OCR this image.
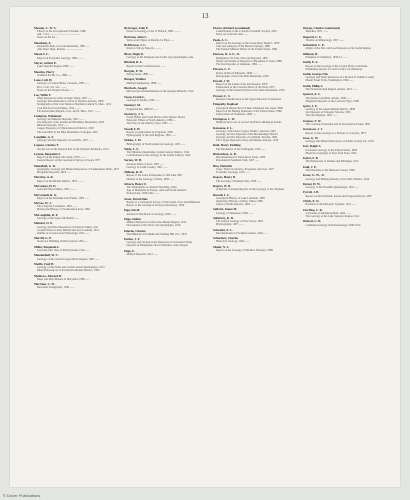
13
Maxam, C. W. S.
Theory of the Occupational Schedule, 1880
Am. J. Sci. ...........................................
Notes on the Ice ...
Meacham, A.
Avalanche Peak, Cascade Mountains, 1881 ......
Ann. Rept. Dept. Interior ........................
Mead, F. L.
Report on Economic Geology, 1882 ........
Meyer, Arthur E.
Lake Superior Region, 1883 .......
Maerles, Harry
Southern Pacific Co., 1884 .......
Lane, Cell. H.
Geology of Crested Butte, Colorado, 1883 ......
Proc. Colo. Sci. Soc. ........
Notes on the Eruptive Rocks ......
Lee, Willis T.
Water Resources of Rio Grande Valley, 1907 .......
Geologic Reconnaissance of Part of Western Arizona, 1908
Stratigraphy of the Coal Fields of Northern Central N. Mex., 1912
Coal Fields of Grand Mesa, 1912 ........
The Raton Mesa Region, Colo. and N. Mex., 1917 .........
Lindgren, Waldemar
Geology and Mineral Deposits, 1905 ........
Ore Deposits of the Jerome and Bradshaw Mountains, 1926
Mineral Deposits, 1913 ......
Copper Deposits of Clifton-Morenci District, 1905
The Gold Belt of the Blue Mountains of Oregon, 1901
Loughlin, G. F.
Geology and Ore Deposits of Leadville, 1927 .......
Lupton, Charles T.
Oil and Gas in the Western Part of the Olympic Peninsula, 1914
Lyman, Benjamin S.
Report on the Punjab Oil Lands, 1870 .........
General Report on the Geological Survey of Japan, 1877
Mansfield, G. R.
Geography, Geology and Mineral Resources of Southeastern Idaho, 1927
Phosphate Deposits, 1918 .......
Marvine, A. R.
Report on the Middle District, 1874 ........
McCaskey, H. D.
Gold and Silver Mines, 1905 .........
McConnell, R. G.
Report on the Klondike Gold Fields, 1905 ......
McGee, W. J.
The Lafayette Formation, 1891 ......
Pleistocene History of Northeastern Iowa, 1891
McLaughlin, R. P.
Geology of the Sespe Oil District ......
Meinzer, O. E.
Geology and Water Resources of Estancia Valley, 1911
Ground Water in Juab, Millard and Iron Counties, 1911
Outline of Ground-water Hydrology, 1923 ......
Merrill, G. P.
Stones for Building and Decoration, 1891 ......
Miller, Benjamin L.
Lead and Zinc Ores of Pennsylvania, 1924 ......
Mendenhall, W. C.
Geology of the Central Copper River Region, 1905 ......
Moffit, Fred H.
Geology of the Nome and Grand Central Quadrangles, 1913
Mineral Resources of Kotsina-Kuskulana District, 1909
Mathews, Edward B.
Maps and Map-Makers of Maryland, 1898 ......
Merriam, C. W.
Devonian Stratigraphy, 1940 .......
McGregor, John E.
Notes on Geology of the N. Branch, 1880 ..........
Merriam, John C.
Sabre-tooth Tigers of Rancho La Brea ......
McPherson, J. C.
Index to Survey Reports ..........
Miser, Hugh D.
Geology of the DeQueen and Caddo Gap Quadrangles, Ark.
Mitchell, R. L.
Report on the Coal Resources ........
Morgan, E. W.
Survey notes, 1889 .......
Munger, Wallace
Mining Engineering, 1898 .......
Murdoch, Joseph
Microscopical Determination of the Opaque Minerals, 1916
Nason, Frank L.
Geological Studies, 1892 .......
Neumayr, M.
Erdgeschichte, 1886-87 .......
Newberry, J. S.
Fossil Fishes and Fossil Plants of the Triassic Rocks
Paleozoic Fishes of North America, 1889 ....
The Flora of the Amboy Clays, 1895 .......
Newell, F. H.
Report on Agriculture by Irrigation, 1894
Hydrography of the Arid Regions, 1891 .......
Nickles, J. M.
Bibliography of North American Geology, 1923 ......
Noble, L. F.
The Shinumo Quadrangle, Grand Canyon District, 1914
Contributions to the Geology of the Grand Canyon, 1922
Norton, W. H.
Artesian Wells of Iowa, 1897 ......
Geology of Cedar County, 1901 .......
Oldham, R. D.
Report of the Great Earthquake of 12th June 1897
Manual of the Geology of India, 1893 ......
Osborn, Henry F.
The Titanotheres of Ancient Wyoming, 1929
Age of Mammals in Europe, Asia and North America
Proboscidea, 1936-1942 .......
Owen, David Dale
Report of a Geological Survey of Wisconsin, Iowa and Minnesota
Report of the Geological Survey in Kentucky, 1856
Page, David
Advanced Text-Book of Geology, 1856 .......
Paige, Sidney
Mineral Resources of the Llano-Burnet Region, 1912
Description of the Silver City Quadrangle, 1916
Palache, Charles
The Minerals of Franklin and Sterling Hill, N.J., 1935
Pardee, J. T.
Geology and Ground-water Resources of Townsend Valley
Deposits of Manganese Ore in Montana, Utah, Oregon
Paige, F.
Mineral Deposits, 1912 ......
Pearce, Richard (continued)
Contributions to the Colorado Scientific Society, 1891
Notes on Colorado Ores .......
Peale, A. C.
Report on the Geology of the Green River District, 1878
Lists and Analyses of the Mineral Springs, 1886
The Natural Mineral Waters of the United States, 1894
Penrose, R. A. F., Jr.
Manganese: Its Uses, Ores and Deposits, 1891
Nature and Origin of Deposits of Phosphate of Lime, 1888
The Iron Deposits of Arkansas, 1892 ......
Pirsson, L. V.
Rocks and Rock Minerals, 1908 .......
Petrography of the Little Belt Mountains, 1900
Powell, J. W.
Report on the Lands of the Arid Region, 1879
Exploration of the Colorado River of the West, 1875
Geology of the Eastern Portion of the Uinta Mountains, 1876
Prosser, C. S.
Revised Classification of the Upper Paleozoic Formations
Pumpelly, Raphael
Geological Researches in China, Mongolia and Japan, 1866
Report on the Mining Industries of the United States, 1886
Explorations in Turkestan, 1908 ......
Purington, C. W.
Methods and Costs of Gravel and Placer Mining in Alaska
Ransome, F. L.
Geology of the Globe Copper District, Arizona, 1903
Geology and Ore Deposits of the Breckenridge District
Geology and Ore Deposits of Goldfield, Nevada, 1909
The Copper Deposits of Ray and Miami, Arizona, 1919
Reid, Harry Fielding
The Mechanics of the Earthquake, 1910 ......
Richardson, G. B.
Reconnaissance in Trans-Pecos Texas, 1904
Petroleum in Southern Utah, 1927 ......
Ries, Heinrich
Clays, Their Occurrence, Properties and Uses, 1927
Economic Geology, 1930 .......
Rogers, Henry D.
The Geology of Pennsylvania, 1858 .......
Rogers, W. B.
A Reprint of Annual Reports on the Geology of the Virginias
Russell, I. C.
Geological History of Lake Lahontan, 1885
Quaternary History of Mono Valley, 1889
Lakes of North America, 1895 .......
Safford, James M.
Geology of Tennessee, 1869 .......
Salisbury, R. D.
The Glacial Geology of New Jersey, 1902
Physiography, 1907 .......
Schrader, F. C.
Reconnaissance in Northern Alaska, 1904 ......
Schuchert, Charles
Historical Geology, 1924 .......
Shaler, N. S.
Report on the Geology of Martha's Vineyard, 1888
Sharpe, Charles (continued)
Sketches, 1871 .......
Shepard, C. U.
Treatise on Mineralogy, 1857 .......
Siebenthal, C. E.
Origin of the Zinc and Lead Deposits of the Joplin Region
Silliman, B.
Elements of Chemistry, 1830-31 .......
Smith, E. A.
Report on the Geology of the Coastal Plain of Alabama
Preliminary Report on a Part of the Coal Measures
Smith, George Otis
Geology and Water Resources of a Portion of Yakima County
Mount Stuart Folio, Washington, 1904 ......
Smith, Philip S.
The Noatak-Kobuk Region, Alaska, 1913 ......
Spencer, A. C.
The Juneau Gold Belt, Alaska, 1906 .......
Magnetite Deposits of the Cornwall Type, 1908
Spurr, J. E.
Geology of the Aspen Mining District, 1898
Ore Deposits of Tonopah, Nevada, 1905
The Ore Magmas, 1923 .......
Stanton, T. W.
The Colorado Formation and its Invertebrate Fauna, 1893
Stevenson, J. J.
Report on the Geology of a Portion of Colorado, 1875
Stose, G. W.
Geology and Mineral Resources of Adams County, Pa., 1932
Tarr, Ralph S.
Economic Geology of the United States, 1894
Physical Geography of New York State, 1902
Taylor, F. B.
The Pleistocene of Indiana and Michigan, 1915
Todd, J. E.
The Moraines of the Missouri Coteau, 1896
Tower, G. W., Jr.
Geology and Mining Industry of the Tintic District, Utah
Turner, H. W.
Geology of the Yosemite Quadrangle, 1912 ......
Tyrrell, J. B.
Report on the Doobaunt, Kazan and Ferguson Rivers, 1897
Ulrich, E. O.
Revision of the Paleozoic Systems, 1911 .......
Van Hise, C. R.
A Treatise on Metamorphism, 1904 .......
The Geology of the Lake Superior Region, 1911
Walcott, C. D.
Cambrian Geology and Paleontology, 1908-1914
© Dover Publications
